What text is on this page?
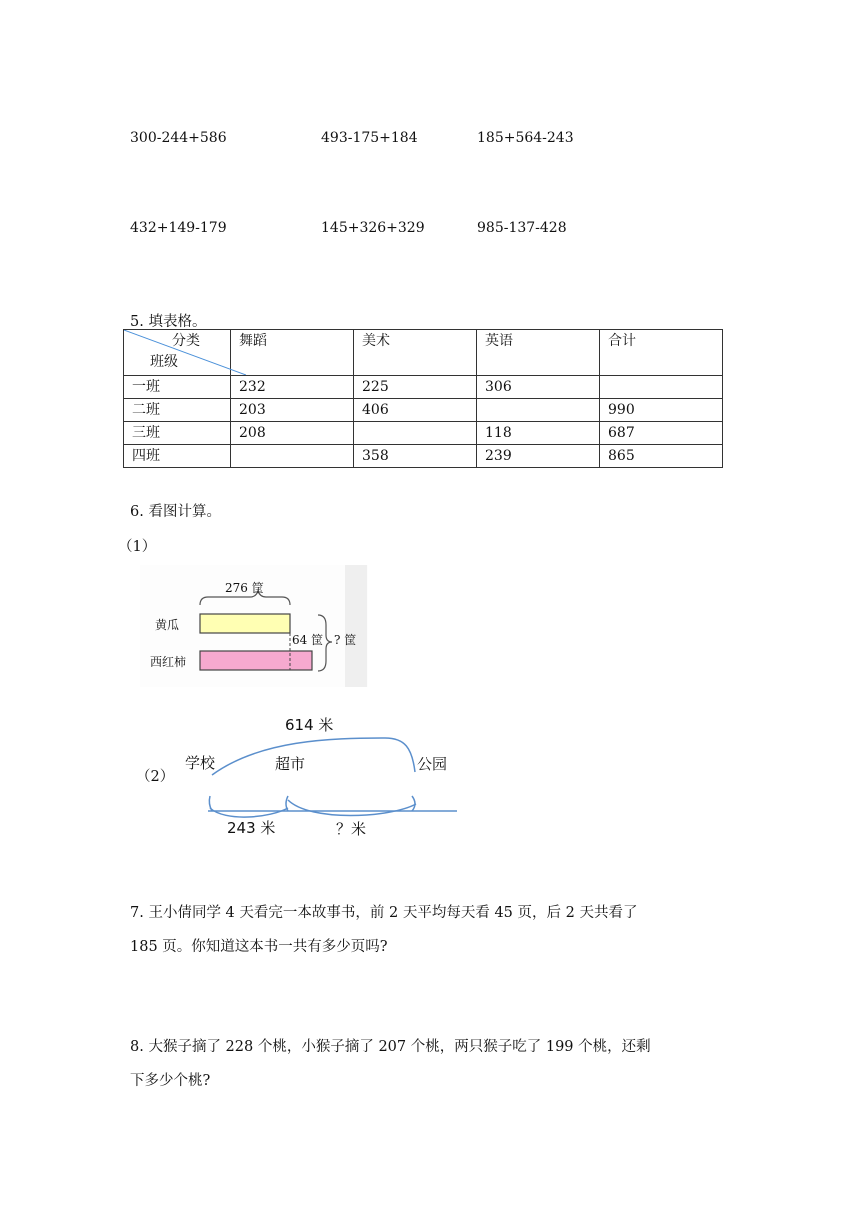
300-244+586	493-175+184	185+564-243
432+149-179	145+326+329	985-137-428
5. 填表格。
分类
班级	舞蹈	美术	英语	合计
一班	232	225	306	
二班	203	406		990
三班	208		118	687
四班		358	239	865
6. 看图计算。
（1）
276 筐
黄瓜
西红柿
64 筐 ? 筐
（2）
614 米
学校	超市	公园
243 米	？米

7. 王小倩同学 4 天看完一本故事书，前 2 天平均每天看 45 页，后 2 天共看了

185 页。你知道这本书一共有多少页吗?

8. 大猴子摘了 228 个桃，小猴子摘了 207 个桃，两只猴子吃了 199 个桃，还剩

下多少个桃?
